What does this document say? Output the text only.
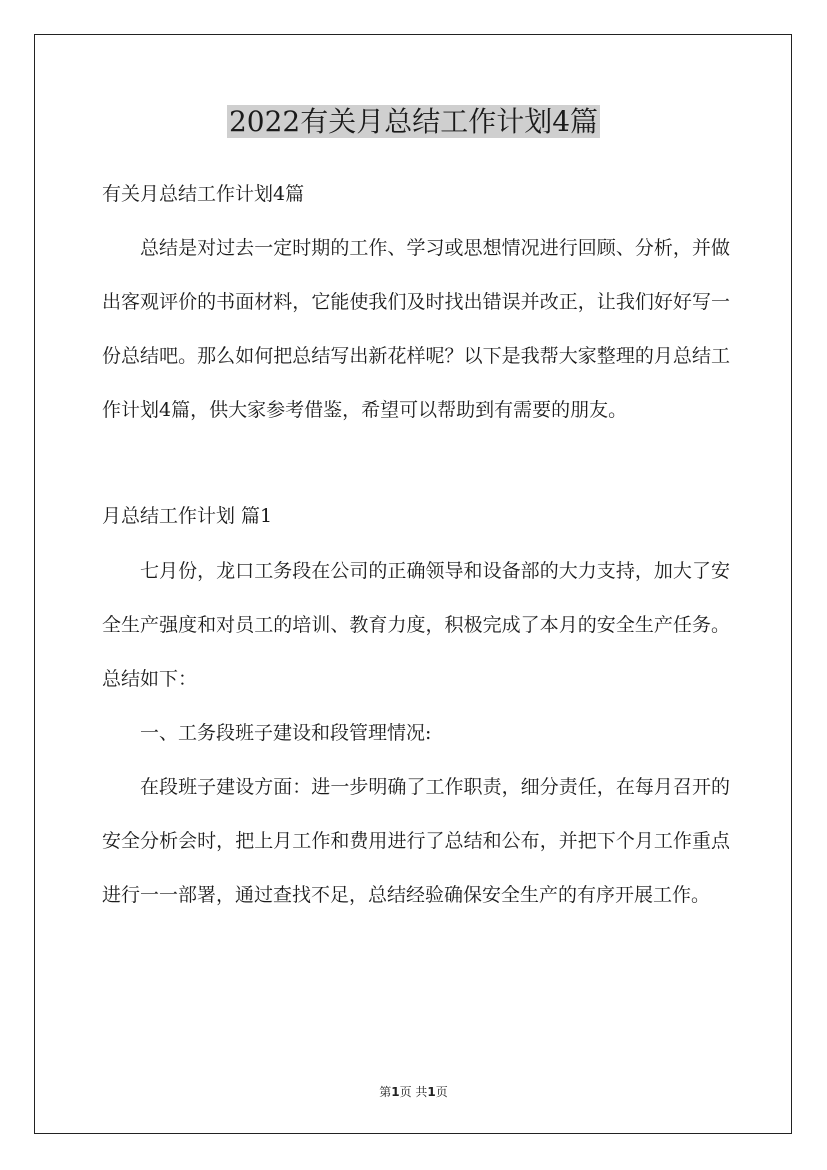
2022有关月总结工作计划4篇

有关月总结工作计划4篇

总结是对过去一定时期的工作、学习或思想情况进行回顾、分析，并做出客观评价的书面材料，它能使我们及时找出错误并改正，让我们好好写一份总结吧。那么如何把总结写出新花样呢？以下是我帮大家整理的月总结工作计划4篇，供大家参考借鉴，希望可以帮助到有需要的朋友。

月总结工作计划 篇1

七月份，龙口工务段在公司的正确领导和设备部的大力支持，加大了安全生产强度和对员工的培训、教育力度，积极完成了本月的安全生产任务。总结如下：

一、工务段班子建设和段管理情况:

在段班子建设方面：进一步明确了工作职责，细分责任，在每月召开的安全分析会时，把上月工作和费用进行了总结和公布，并把下个月工作重点进行一一部署，通过查找不足，总结经验确保安全生产的有序开展工作。

第1页 共1页
